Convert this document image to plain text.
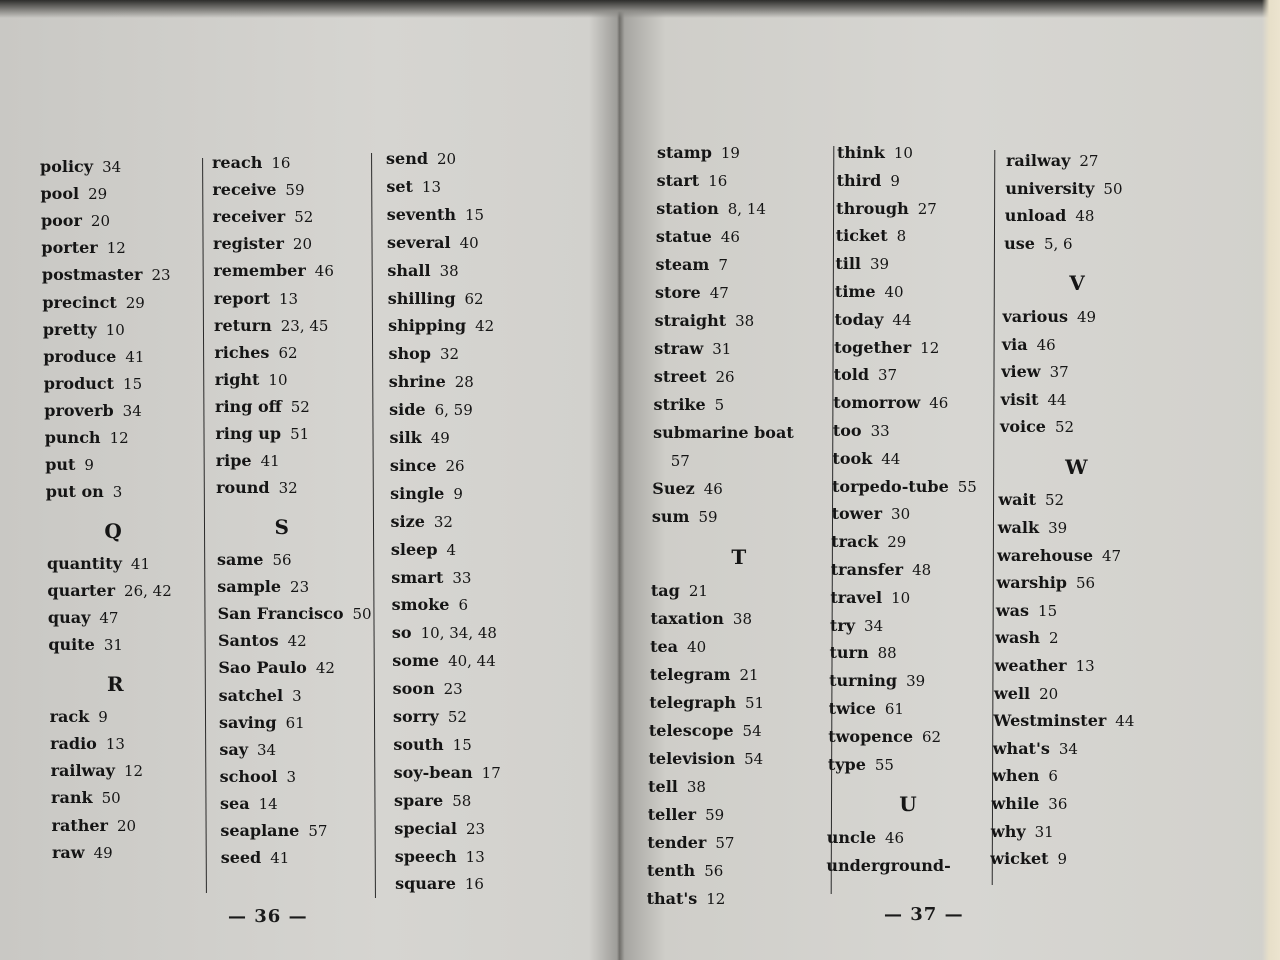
policy 34
pool 29
poor 20
porter 12
postmaster 23
precinct 29
pretty 10
produce 41
product 15
proverb 34
punch 12
put 9
put on 3
Q
quantity 41
quarter 26, 42
quay 47
quite 31
R
rack 9
radio 13
railway 12
rank 50
rather 20
raw 49
reach 16
receive 59
receiver 52
register 20
remember 46
report 13
return 23, 45
riches 62
right 10
ring off 52
ring up 51
ripe 41
round 32
S
same 56
sample 23
San Francisco 50
Santos 42
Sao Paulo 42
satchel 3
saving 61
say 34
school 3
sea 14
seaplane 57
seed 41
send 20
set 13
seventh 15
several 40
shall 38
shilling 62
shipping 42
shop 32
shrine 28
side 6, 59
silk 49
since 26
single 9
size 32
sleep 4
smart 33
smoke 6
so 10, 34, 48
some 40, 44
soon 23
sorry 52
south 15
soy-bean 17
spare 58
special 23
speech 13
square 16
— 36 —
stamp 19
start 16
station 8, 14
statue 46
steam 7
store 47
straight 38
straw 31
street 26
strike 5
submarine boat
57
Suez 46
sum 59
T
tag 21
taxation 38
tea 40
telegram 21
telegraph 51
telescope 54
television 54
tell 38
teller 59
tender 57
tenth 56
that's 12
think 10
third 9
through 27
ticket 8
till 39
time 40
today 44
together 12
told 37
tomorrow 46
too 33
took 44
torpedo-tube 55
tower 30
track 29
transfer 48
travel 10
try 34
turn 88
turning 39
twice 61
twopence 62
type 55
U
uncle 46
underground-
railway 27
university 50
unload 48
use 5, 6
V
various 49
via 46
view 37
visit 44
voice 52
W
wait 52
walk 39
warehouse 47
warship 56
was 15
wash 2
weather 13
well 20
Westminster 44
what's 34
when 6
while 36
why 31
wicket 9
— 37 —
